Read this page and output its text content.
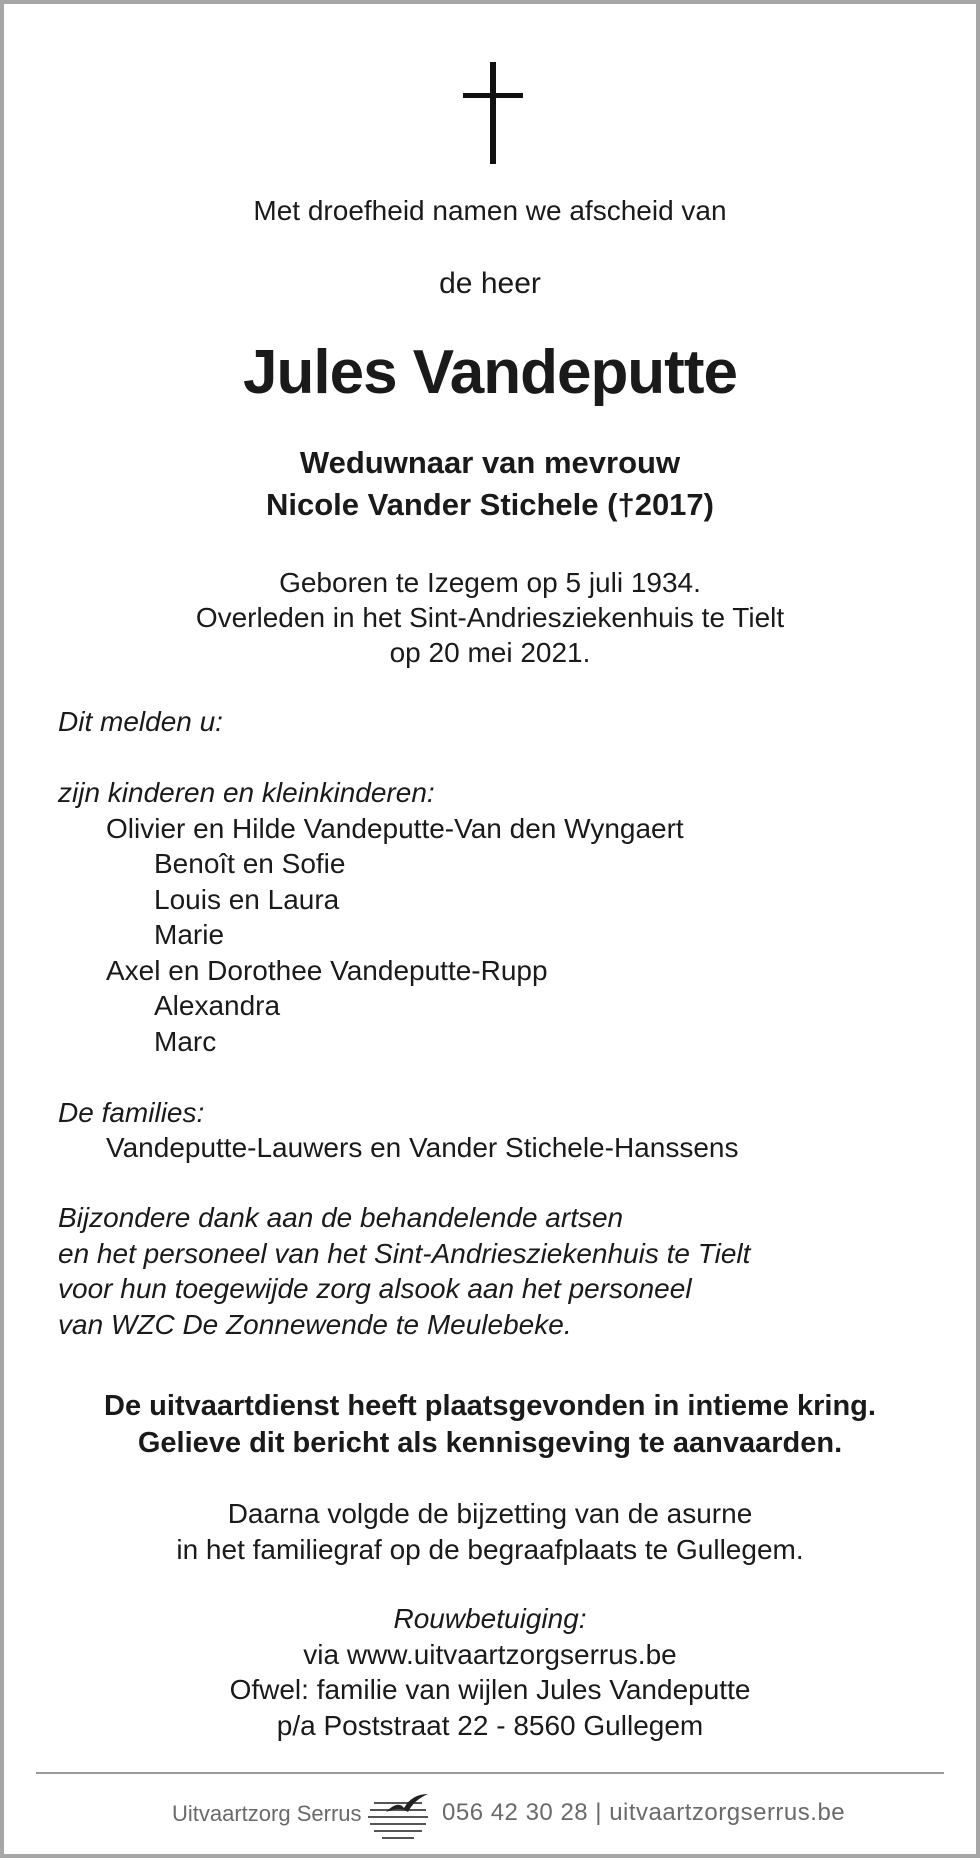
Met droefheid namen we afscheid van

de heer

Jules Vandeputte
Weduwnaar van mevrouw
Nicole Vander Stichele (†2017)
Geboren te Izegem op 5 juli 1934.
Overleden in het Sint-Andriesziekenhuis te Tielt
op 20 mei 2021.

Dit melden u:

zijn kinderen en kleinkinderen:
Olivier en Hilde Vandeputte-Van den Wyngaert
Benoît en Sofie
Louis en Laura
Marie
Axel en Dorothee Vandeputte-Rupp
Alexandra
Marc
De families:
Vandeputte-Lauwers en Vander Stichele-Hanssens
Bijzondere dank aan de behandelende artsen
en het personeel van het Sint-Andriesziekenhuis te Tielt
voor hun toegewijde zorg alsook aan het personeel
van WZC De Zonnewende te Meulebeke.
De uitvaartdienst heeft plaatsgevonden in intieme kring.
Gelieve dit bericht als kennisgeving te aanvaarden.
Daarna volgde de bijzetting van de asurne
in het familiegraf op de begraafplaats te Gullegem.
Rouwbetuiging:
via www.uitvaartzorgserrus.be
Ofwel: familie van wijlen Jules Vandeputte
p/a Poststraat 22 - 8560 Gullegem
Uitvaartzorg Serrus	056 42 30 28 | uitvaartzorgserrus.be
